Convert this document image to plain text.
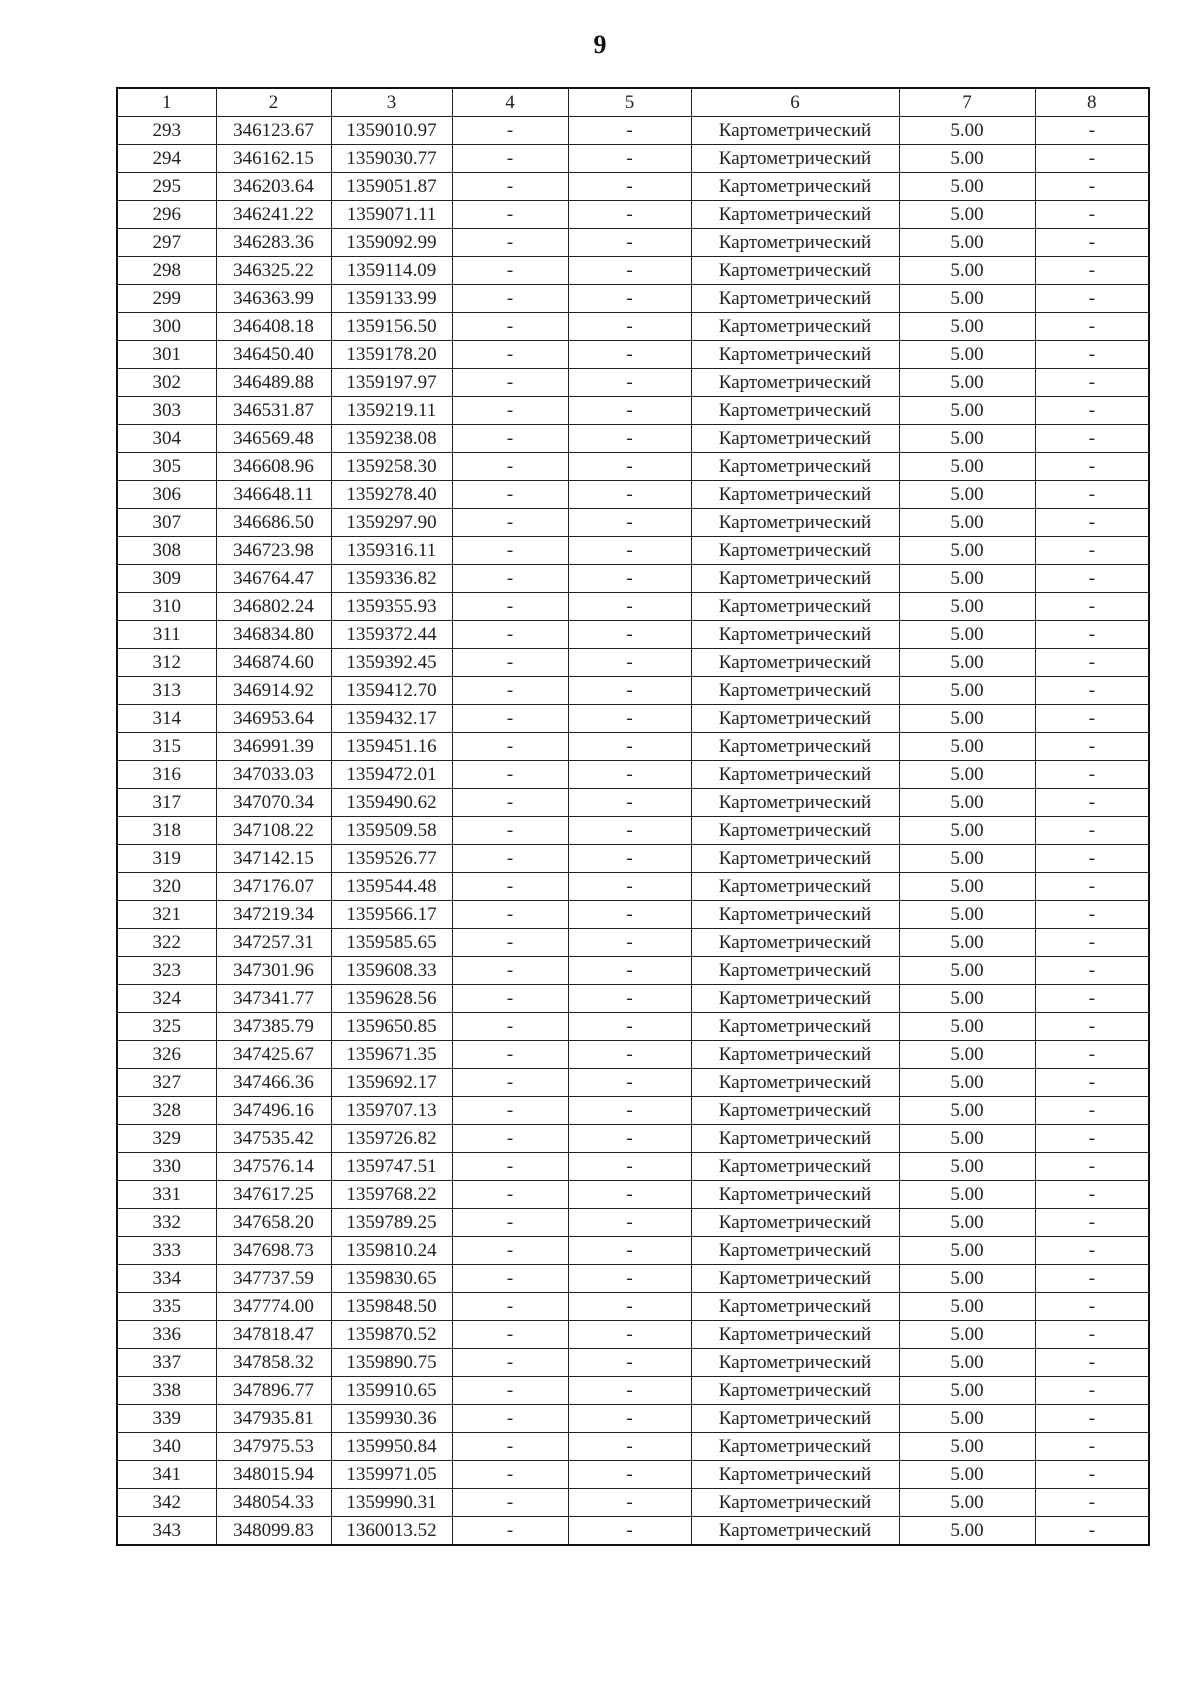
9
1	2	3	4	5	6	7	8
293	346123.67	1359010.97	-	-	Картометрический	5.00	-
294	346162.15	1359030.77	-	-	Картометрический	5.00	-
295	346203.64	1359051.87	-	-	Картометрический	5.00	-
296	346241.22	1359071.11	-	-	Картометрический	5.00	-
297	346283.36	1359092.99	-	-	Картометрический	5.00	-
298	346325.22	1359114.09	-	-	Картометрический	5.00	-
299	346363.99	1359133.99	-	-	Картометрический	5.00	-
300	346408.18	1359156.50	-	-	Картометрический	5.00	-
301	346450.40	1359178.20	-	-	Картометрический	5.00	-
302	346489.88	1359197.97	-	-	Картометрический	5.00	-
303	346531.87	1359219.11	-	-	Картометрический	5.00	-
304	346569.48	1359238.08	-	-	Картометрический	5.00	-
305	346608.96	1359258.30	-	-	Картометрический	5.00	-
306	346648.11	1359278.40	-	-	Картометрический	5.00	-
307	346686.50	1359297.90	-	-	Картометрический	5.00	-
308	346723.98	1359316.11	-	-	Картометрический	5.00	-
309	346764.47	1359336.82	-	-	Картометрический	5.00	-
310	346802.24	1359355.93	-	-	Картометрический	5.00	-
311	346834.80	1359372.44	-	-	Картометрический	5.00	-
312	346874.60	1359392.45	-	-	Картометрический	5.00	-
313	346914.92	1359412.70	-	-	Картометрический	5.00	-
314	346953.64	1359432.17	-	-	Картометрический	5.00	-
315	346991.39	1359451.16	-	-	Картометрический	5.00	-
316	347033.03	1359472.01	-	-	Картометрический	5.00	-
317	347070.34	1359490.62	-	-	Картометрический	5.00	-
318	347108.22	1359509.58	-	-	Картометрический	5.00	-
319	347142.15	1359526.77	-	-	Картометрический	5.00	-
320	347176.07	1359544.48	-	-	Картометрический	5.00	-
321	347219.34	1359566.17	-	-	Картометрический	5.00	-
322	347257.31	1359585.65	-	-	Картометрический	5.00	-
323	347301.96	1359608.33	-	-	Картометрический	5.00	-
324	347341.77	1359628.56	-	-	Картометрический	5.00	-
325	347385.79	1359650.85	-	-	Картометрический	5.00	-
326	347425.67	1359671.35	-	-	Картометрический	5.00	-
327	347466.36	1359692.17	-	-	Картометрический	5.00	-
328	347496.16	1359707.13	-	-	Картометрический	5.00	-
329	347535.42	1359726.82	-	-	Картометрический	5.00	-
330	347576.14	1359747.51	-	-	Картометрический	5.00	-
331	347617.25	1359768.22	-	-	Картометрический	5.00	-
332	347658.20	1359789.25	-	-	Картометрический	5.00	-
333	347698.73	1359810.24	-	-	Картометрический	5.00	-
334	347737.59	1359830.65	-	-	Картометрический	5.00	-
335	347774.00	1359848.50	-	-	Картометрический	5.00	-
336	347818.47	1359870.52	-	-	Картометрический	5.00	-
337	347858.32	1359890.75	-	-	Картометрический	5.00	-
338	347896.77	1359910.65	-	-	Картометрический	5.00	-
339	347935.81	1359930.36	-	-	Картометрический	5.00	-
340	347975.53	1359950.84	-	-	Картометрический	5.00	-
341	348015.94	1359971.05	-	-	Картометрический	5.00	-
342	348054.33	1359990.31	-	-	Картометрический	5.00	-
343	348099.83	1360013.52	-	-	Картометрический	5.00	-
